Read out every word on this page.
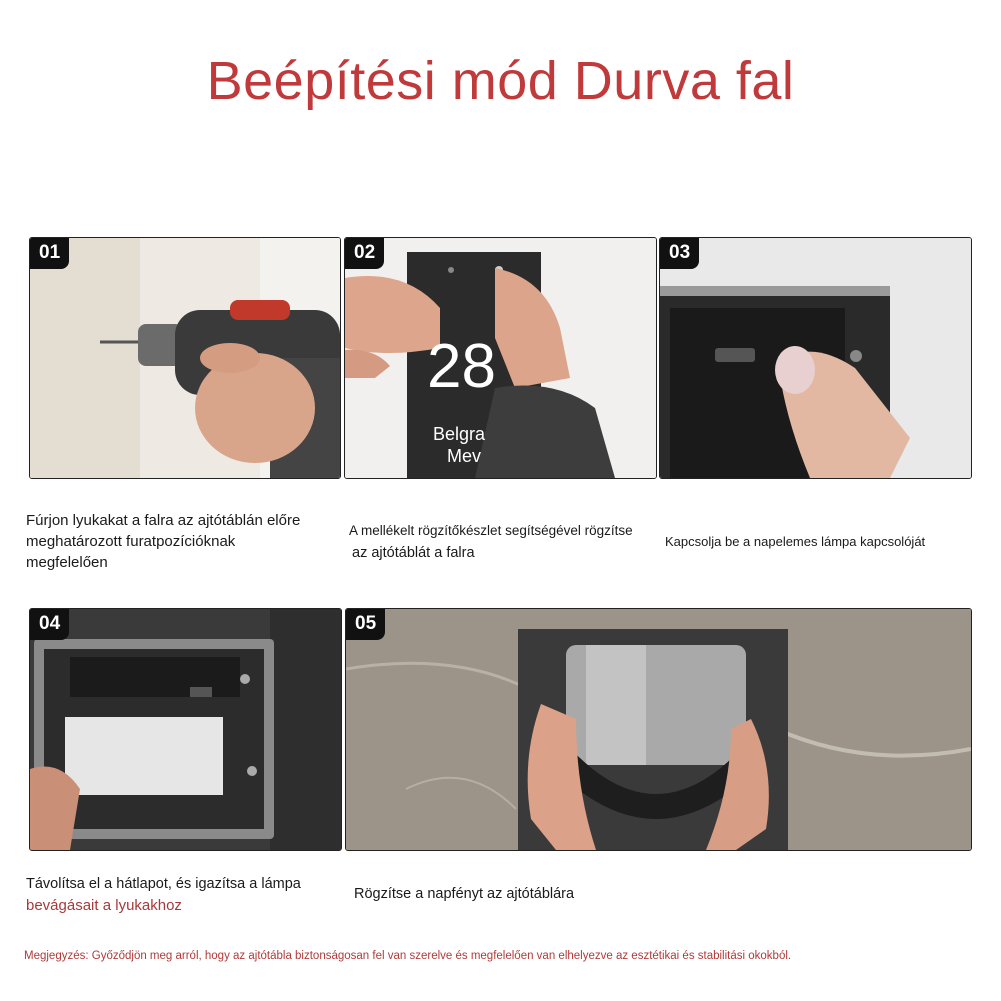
Beépítési mód Durva fal
01
28
Belgra
Mev
02	03
Fúrjon lyukakat a falra az ajtótáblán előre
meghatározott furatpozícióknak
megfelelően
A mellékelt rögzítőkészlet segítségével rögzítse
az ajtótáblát a falra
Kapcsolja be a napelemes lámpa kapcsolóját
04	05
Távolítsa el a hátlapot, és igazítsa a lámpa
bevágásait a lyukakhoz
Rögzítse a napfényt az ajtótáblára
Megjegyzés: Győződjön meg arról, hogy az ajtótábla biztonságosan fel van szerelve és megfelelően van elhelyezve az esztétikai és stabilitási okokból.
